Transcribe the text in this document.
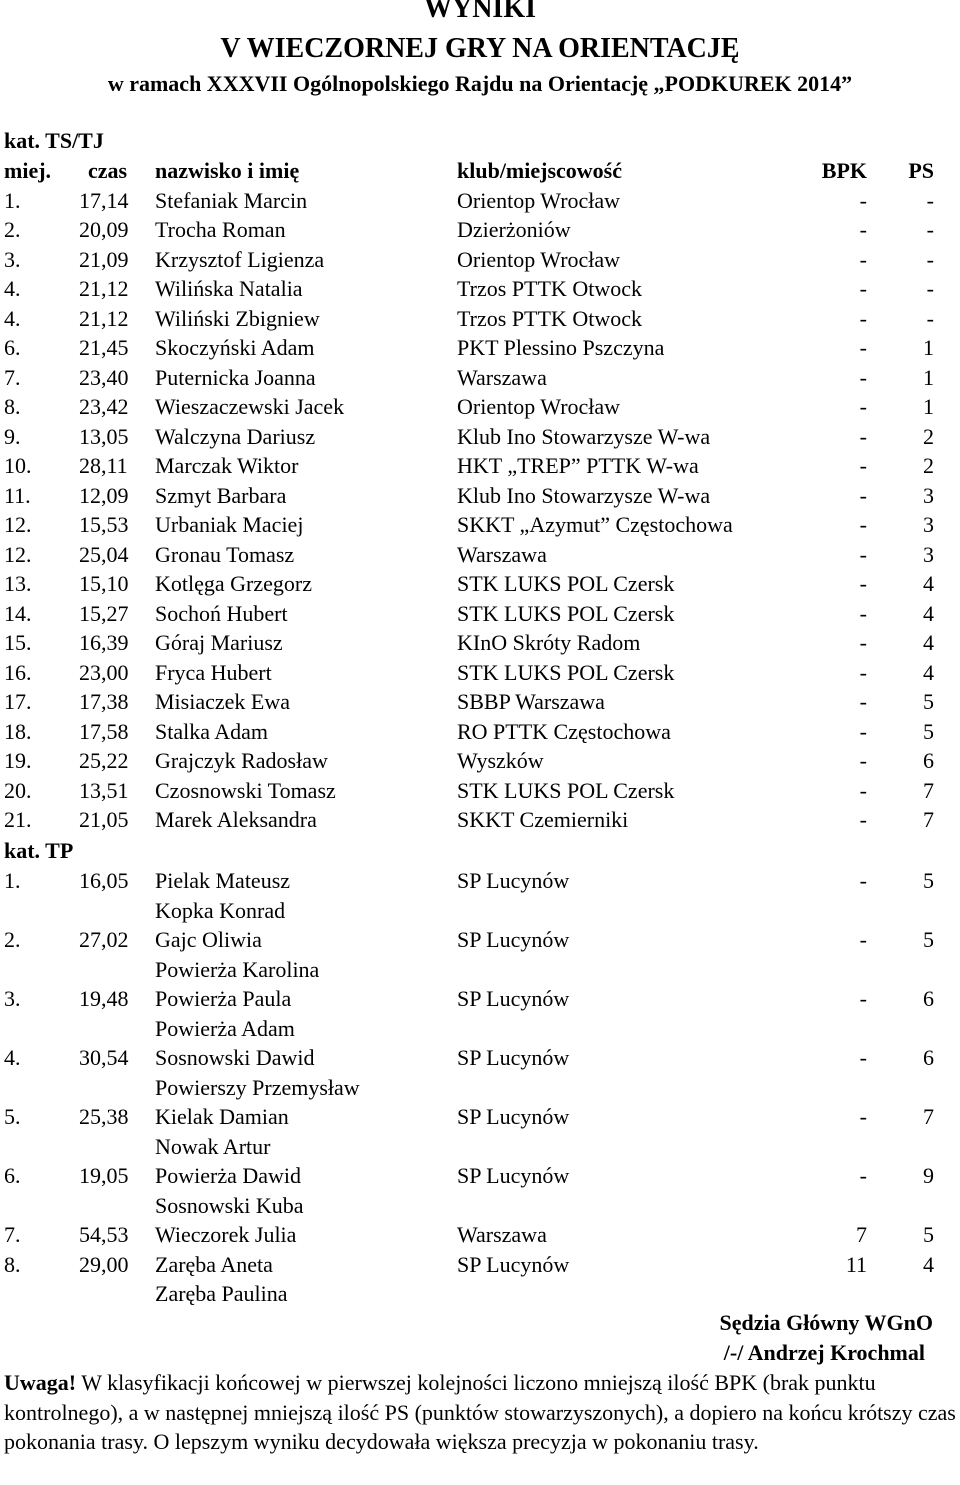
WYNIKI
V WIECZORNEJ GRY NA ORIENTACJĘ
w ramach XXXVII Ogólnopolskiego Rajdu na Orientację „PODKUREK 2014”
kat. TS/TJ
miej. czas nazwisko i imię	klub/miejscowość	BPK PS
1.	17,14 Stefaniak Marcin	Orientop Wrocław	-	-
2.	20,09 Trocha Roman	Dzierżoniów	-	-
3.	21,09 Krzysztof Ligienza	Orientop Wrocław	-	-
4.	21,12 Wilińska Natalia	Trzos PTTK Otwock	-	-
4.	21,12 Wiliński Zbigniew	Trzos PTTK Otwock	-	-
6.	21,45 Skoczyński Adam	PKT Plessino Pszczyna	-	1
7.	23,40 Puternicka Joanna	Warszawa	-	1
8.	23,42 Wieszaczewski Jacek	Orientop Wrocław	-	1
9.	13,05 Walczyna Dariusz	Klub Ino Stowarzysze W-wa	-	2
10. 28,11 Marczak Wiktor	HKT „TREP” PTTK W-wa	-	2
11. 12,09 Szmyt Barbara	Klub Ino Stowarzysze W-wa	-	3
12. 15,53 Urbaniak Maciej	SKKT „Azymut” Częstochowa	-	3
12. 25,04 Gronau Tomasz	Warszawa	-	3
13. 15,10 Kotlęga Grzegorz	STK LUKS POL Czersk	-	4
14. 15,27 Sochoń Hubert	STK LUKS POL Czersk	-	4
15. 16,39 Góraj Mariusz	KInO Skróty Radom	-	4
16. 23,00 Fryca Hubert	STK LUKS POL Czersk	-	4
17. 17,38 Misiaczek Ewa	SBBP Warszawa	-	5
18. 17,58 Stalka Adam	RO PTTK Częstochowa	-	5
19. 25,22 Grajczyk Radosław	Wyszków	-	6
20. 13,51 Czosnowski Tomasz	STK LUKS POL Czersk	-	7
21. 21,05 Marek Aleksandra	SKKT Czemierniki	-	7
kat. TP
1.	16,05 Pielak Mateusz	SP Lucynów	-	5
Kopka Konrad
2.	27,02 Gajc Oliwia	SP Lucynów	-	5
Powierża Karolina
3.	19,48 Powierża Paula	SP Lucynów	-	6
Powierża Adam
4.	30,54 Sosnowski Dawid	SP Lucynów	-	6
Powierszy Przemysław
5.	25,38 Kielak Damian	SP Lucynów	-	7
Nowak Artur
6.	19,05 Powierża Dawid	SP Lucynów	-	9
Sosnowski Kuba
7.	54,53 Wieczorek Julia	Warszawa	7	5
8.	29,00 Zaręba Aneta	SP Lucynów	11	4
Zaręba Paulina
Sędzia Główny WGnO
/-/ Andrzej Krochmal
Uwaga! W klasyfikacji końcowej w pierwszej kolejności liczono mniejszą ilość BPK (brak punktu kontrolnego), a w następnej mniejszą ilość PS (punktów stowarzyszonych), a dopiero na końcu krótszy czas pokonania trasy. O lepszym wyniku decydowała większa precyzja w pokonaniu trasy.
